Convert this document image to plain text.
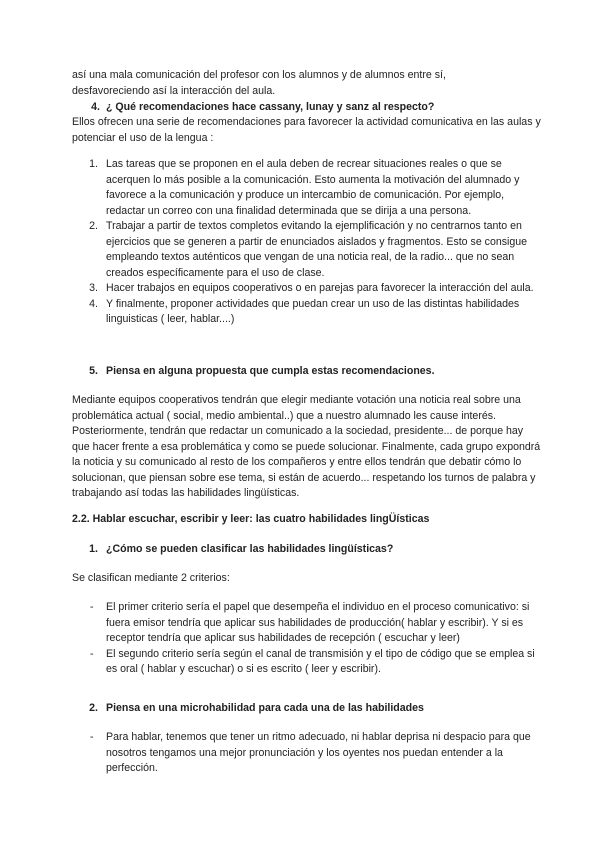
así una mala comunicación del profesor con los alumnos y de alumnos entre sí,

desfavoreciendo así la interacción del aula.

4. ¿ Qué recomendaciones hace cassany, lunay y sanz al respecto?

Ellos ofrecen una serie de recomendaciones para favorecer la actividad comunicativa en las aulas y potenciar el uso de la lengua :

1. Las tareas que se proponen en el aula deben de recrear situaciones reales o que se acerquen lo más posible a la comunicación. Esto aumenta la motivación del alumnado y favorece a la comunicación y produce un intercambio de comunicación. Por ejemplo, redactar un correo con una finalidad determinada que se dirija a una persona.
2. Trabajar a partir de textos completos evitando la ejemplificación y no centrarnos tanto en ejercicios que se generen a partir de enunciados aislados y fragmentos. Esto se consigue empleando textos auténticos que vengan de una noticia real, de la radio... que no sean creados específicamente para el uso de clase.
3. Hacer trabajos en equipos cooperativos o en parejas para favorecer la interacción del aula.
4. Y finalmente, proponer actividades que puedan crear un uso de las distintas habilidades linguisticas ( leer, hablar....)
5. Piensa en alguna propuesta que cumpla estas recomendaciones.

Mediante equipos cooperativos tendrán que elegir mediante votación una noticia real sobre una problemática actual ( social, medio ambiental..) que a nuestro alumnado les cause interés. Posteriormente, tendrán que redactar un comunicado a la sociedad, presidente... de porque hay que hacer frente a esa problemática y como se puede solucionar. Finalmente, cada grupo expondrá la noticia y su comunicado al resto de los compañeros y entre ellos tendrán que debatir cómo lo solucionan, que piensan sobre ese tema, si están de acuerdo... respetando los turnos de palabra y trabajando así todas las habilidades lingüísticas.

2.2. Hablar escuchar, escribir y leer: las cuatro habilidades lingÜísticas

1. ¿Cómo se pueden clasificar las habilidades lingüísticas?

Se clasifican mediante 2 criterios:

- El primer criterio sería el papel que desempeña el individuo en el proceso comunicativo: si fuera emisor tendría que aplicar sus habilidades de producción( hablar y escribir). Y si es receptor tendría que aplicar sus habilidades de recepción ( escuchar y leer)
- El segundo criterio sería según el canal de transmisión y el tipo de código que se emplea si es oral ( hablar y escuchar) o si es escrito ( leer y escribir).
2. Piensa en una microhabilidad para cada una de las habilidades
- Para hablar, tenemos que tener un ritmo adecuado, ni hablar deprisa ni despacio para que nosotros tengamos una mejor pronunciación y los oyentes nos puedan entender a la perfección.
